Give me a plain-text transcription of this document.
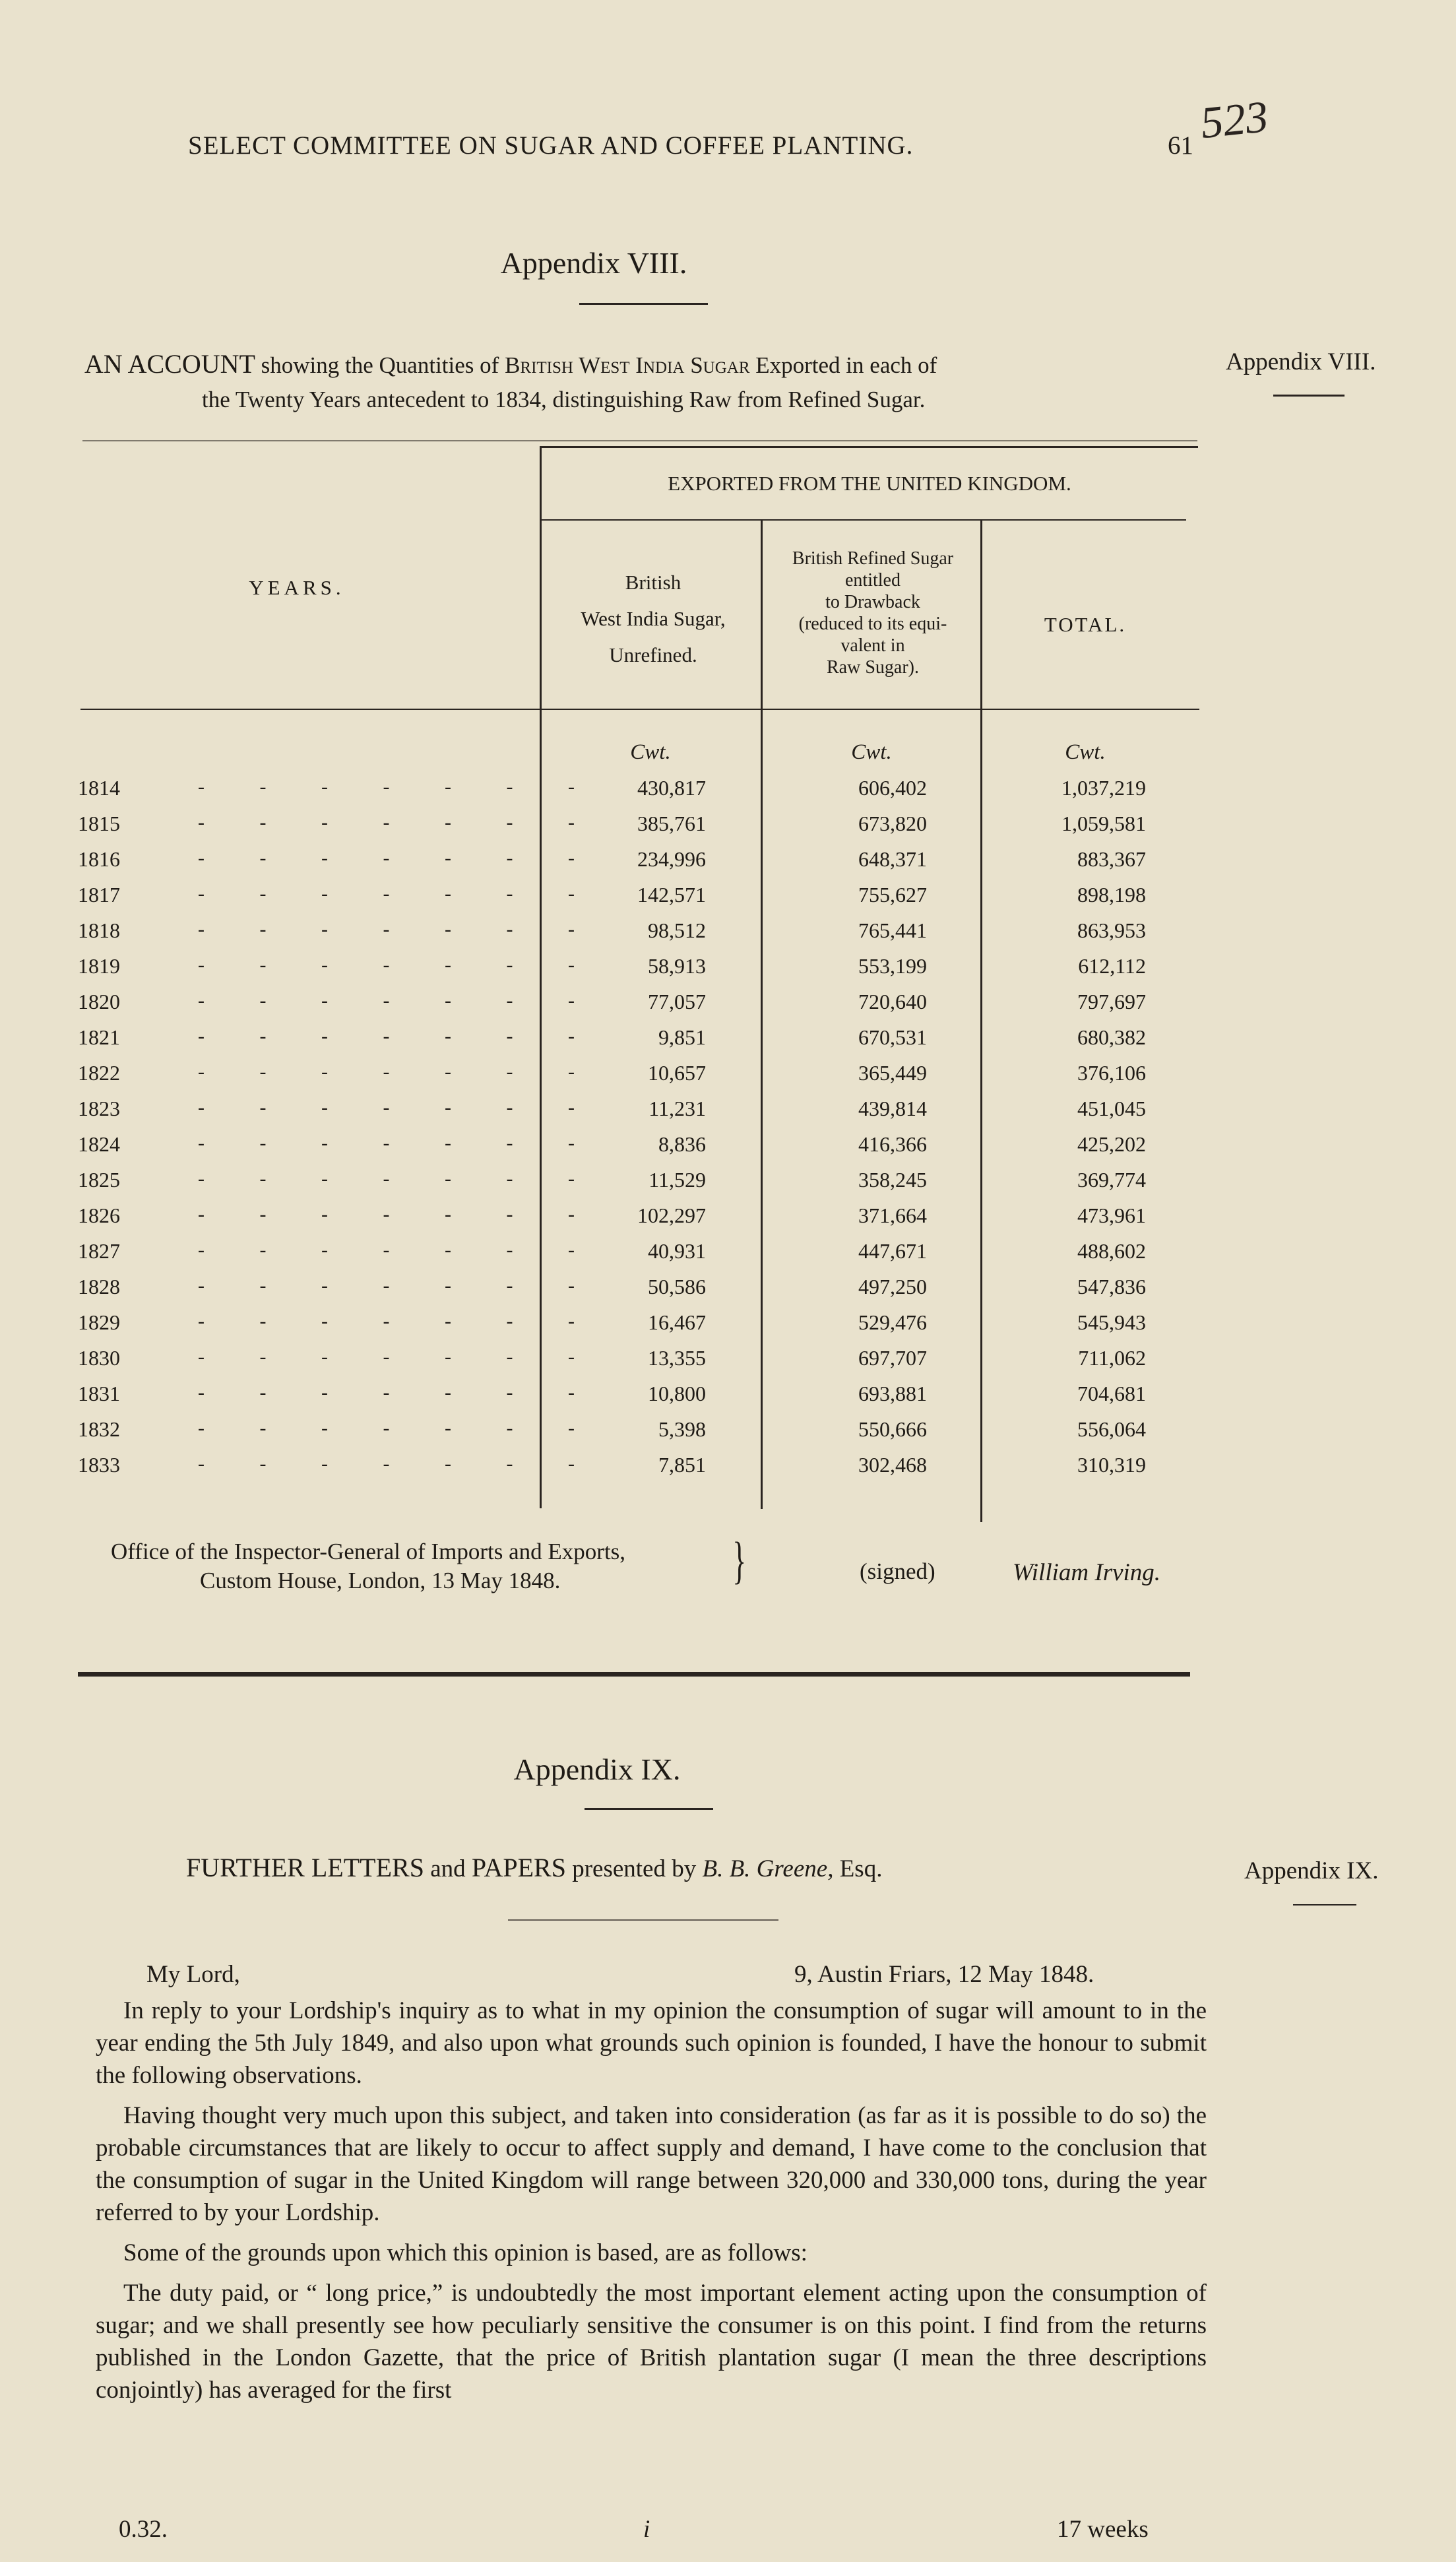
SELECT COMMITTEE ON SUGAR AND COFFEE PLANTING.	61 523
Appendix VIII.
Appendix VIII.
AN ACCOUNT showing the Quantities of British West India Sugar Exported in each of
the Twenty Years antecedent to 1834, distinguishing Raw from Refined Sugar.
EXPORTED FROM THE UNITED KINGDOM.
YEARS.	British
West India Sugar,
Unrefined.
British Refined Sugar
entitled
to Drawback
(reduced to its equi-
valent in
Raw Sugar).
TOTAL.
Cwt.	Cwt.	Cwt.
1814	- - - - - - -	430,817	606,402	1,037,219
1815	- - - - - - -	385,761	673,820	1,059,581
1816	- - - - - - -	234,996	648,371	883,367
1817	- - - - - - -	142,571	755,627	898,198
1818	- - - - - - -	98,512	765,441	863,953
1819	- - - - - - -	58,913	553,199	612,112
1820	- - - - - - -	77,057	720,640	797,697
1821	- - - - - - -	9,851	670,531	680,382
1822	- - - - - - -	10,657	365,449	376,106
1823	- - - - - - -	11,231	439,814	451,045
1824	- - - - - - -	8,836	416,366	425,202
1825	- - - - - - -	11,529	358,245	369,774
1826	- - - - - - -	102,297	371,664	473,961
1827	- - - - - - -	40,931	447,671	488,602
1828	- - - - - - -	50,586	497,250	547,836
1829	- - - - - - -	16,467	529,476	545,943
1830	- - - - - - -	13,355	697,707	711,062
1831	- - - - - - -	10,800	693,881	704,681
1832	- - - - - - -	5,398	550,666	556,064
1833	- - - - - - -	7,851	302,468	310,319
Office of the Inspector-General of Imports and Exports,
Custom House, London, 13 May 1848.	}	(signed)	William Irving.
Appendix IX.
FURTHER LETTERS and PAPERS presented by B. B. Greene, Esq.	Appendix IX.
My Lord,	9, Austin Friars, 12 May 1848.

In reply to your Lordship's inquiry as to what in my opinion the consumption of sugar will amount to in the year ending the 5th July 1849, and also upon what grounds such opinion is founded, I have the honour to submit the following observations.

Having thought very much upon this subject, and taken into consideration (as far as it is possible to do so) the probable circumstances that are likely to occur to affect supply and demand, I have come to the conclusion that the consumption of sugar in the United Kingdom will range between 320,000 and 330,000 tons, during the year referred to by your Lordship.

Some of the grounds upon which this opinion is based, are as follows:

The duty paid, or “ long price,” is undoubtedly the most important element acting upon the consumption of sugar; and we shall presently see how peculiarly sensitive the consumer is on this point. I find from the returns published in the London Gazette, that the price of British plantation sugar (I mean the three descriptions conjointly) has averaged for the first

0.32.	i	17 weeks
